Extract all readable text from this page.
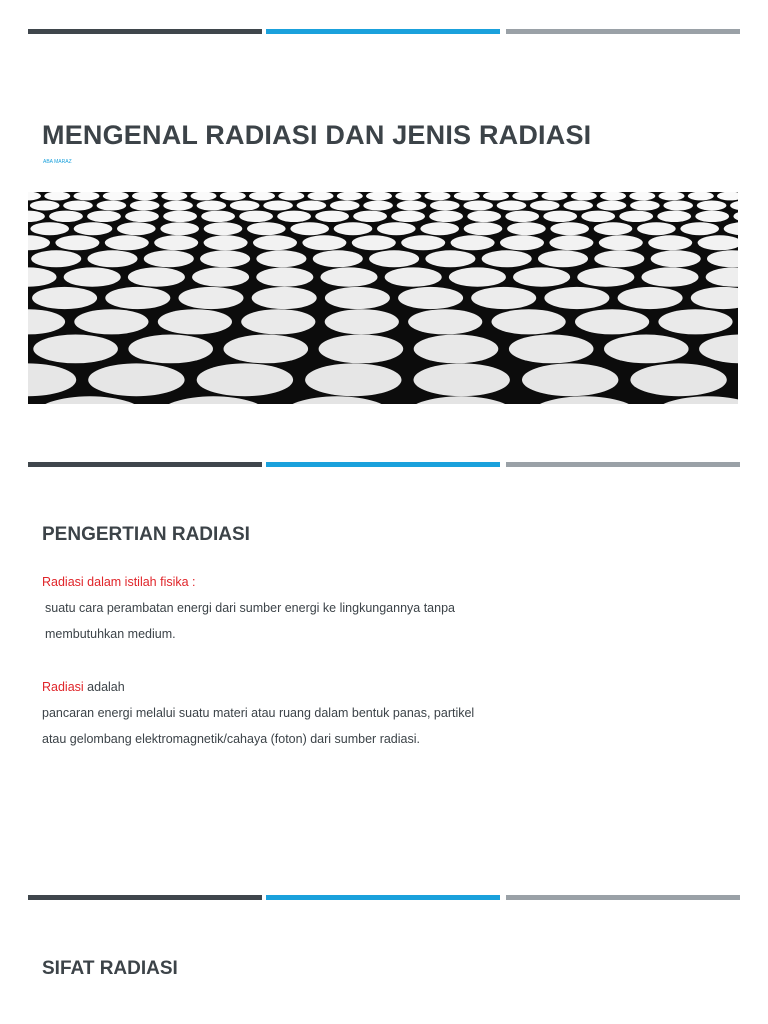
MENGENAL RADIASI DAN JENIS RADIASI
ABA MARAZ
PENGERTIAN RADIASI
Radiasi dalam istilah fisika :
suatu cara perambatan energi dari sumber energi ke lingkungannya tanpa
membutuhkan medium.
Radiasi adalah
pancaran energi melalui suatu materi atau ruang dalam bentuk panas, partikel
atau gelombang elektromagnetik/cahaya (foton) dari sumber radiasi.
SIFAT RADIASI
